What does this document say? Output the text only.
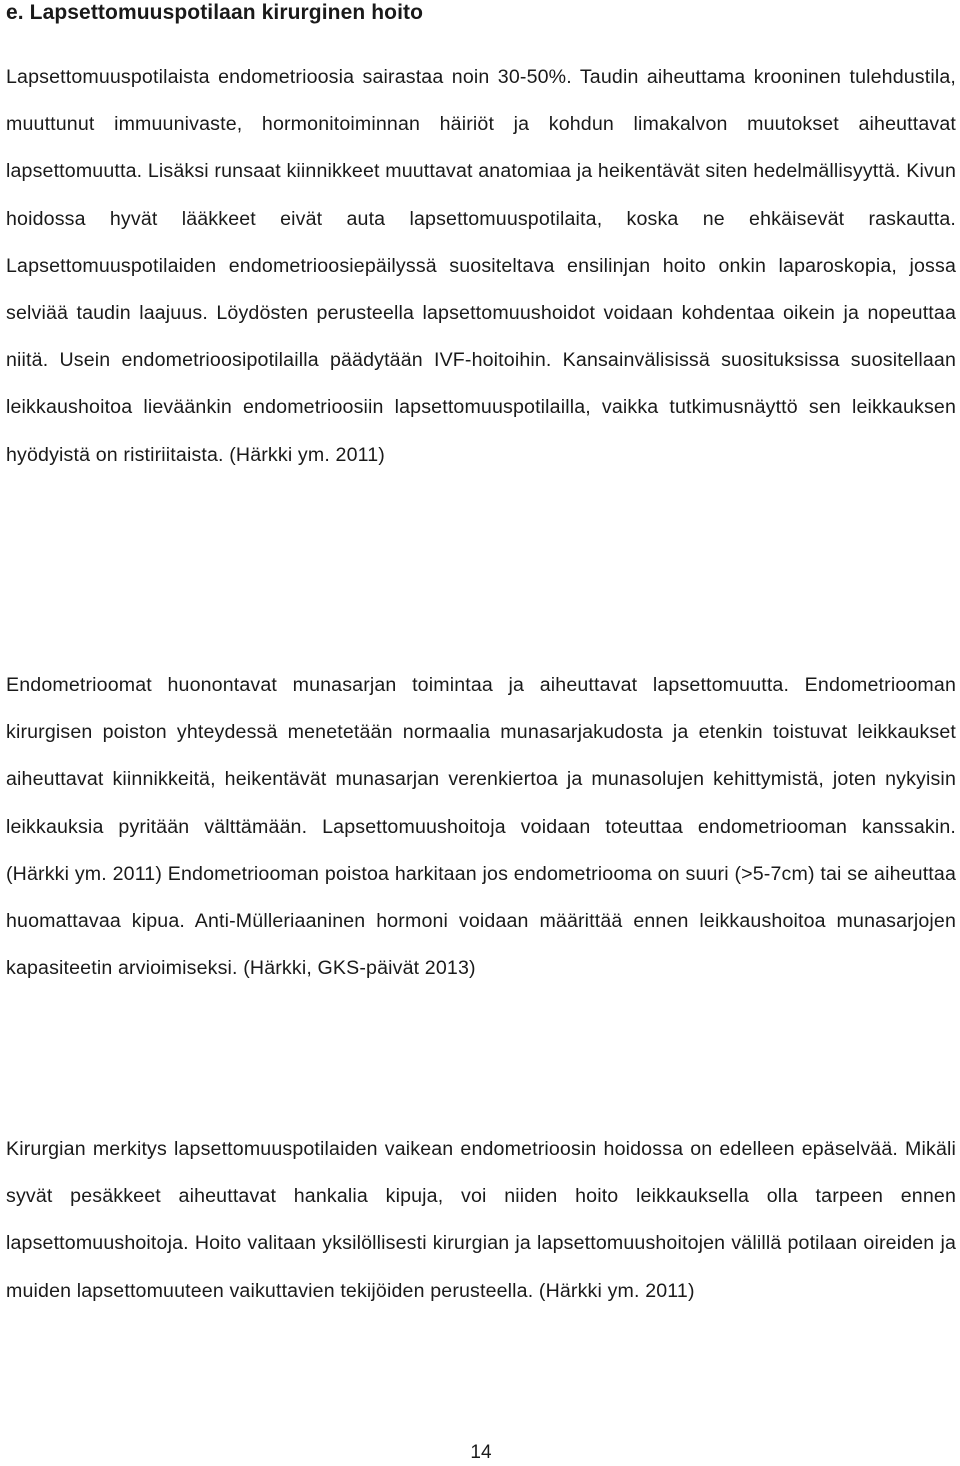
e. Lapsettomuuspotilaan kirurginen hoito

Lapsettomuuspotilaista endometrioosia sairastaa noin 30-50%. Taudin aiheuttama krooninen tulehdustila, muuttunut immuunivaste, hormonitoiminnan häiriöt ja kohdun limakalvon muutokset aiheuttavat lapsettomuutta. Lisäksi runsaat kiinnikkeet muuttavat anatomiaa ja heikentävät siten hedelmällisyyttä. Kivun hoidossa hyvät lääkkeet eivät auta lapsettomuuspotilaita, koska ne ehkäisevät raskautta. Lapsettomuuspotilaiden endometrioosiepäilyssä suositeltava ensilinjan hoito onkin laparoskopia, jossa selviää taudin laajuus. Löydösten perusteella lapsettomuushoidot voidaan kohdentaa oikein ja nopeuttaa niitä. Usein endometrioosipotilailla päädytään IVF-hoitoihin. Kansainvälisissä suosituksissa suositellaan leikkaushoitoa lieväänkin endometrioosiin lapsettomuuspotilailla, vaikka tutkimusnäyttö sen leikkauksen hyödyistä on ristiriitaista. (Härkki ym. 2011)

Endometrioomat huonontavat munasarjan toimintaa ja aiheuttavat lapsettomuutta. Endometriooman kirurgisen poiston yhteydessä menetetään normaalia munasarjakudosta ja etenkin toistuvat leikkaukset aiheuttavat kiinnikkeitä, heikentävät munasarjan verenkiertoa ja munasolujen kehittymistä, joten nykyisin leikkauksia pyritään välttämään. Lapsettomuushoitoja voidaan toteuttaa endometriooman kanssakin. (Härkki ym. 2011) Endometriooman poistoa harkitaan jos endometriooma on suuri (>5-7cm) tai se aiheuttaa huomattavaa kipua. Anti-Mülleriaaninen hormoni voidaan määrittää ennen leikkaushoitoa munasarjojen kapasiteetin arvioimiseksi. (Härkki, GKS-päivät 2013)

Kirurgian merkitys lapsettomuuspotilaiden vaikean endometrioosin hoidossa on edelleen epäselvää. Mikäli syvät pesäkkeet aiheuttavat hankalia kipuja, voi niiden hoito leikkauksella olla tarpeen ennen lapsettomuushoitoja. Hoito valitaan yksilöllisesti kirurgian ja lapsettomuushoitojen välillä potilaan oireiden ja muiden lapsettomuuteen vaikuttavien tekijöiden perusteella. (Härkki ym. 2011)

14
